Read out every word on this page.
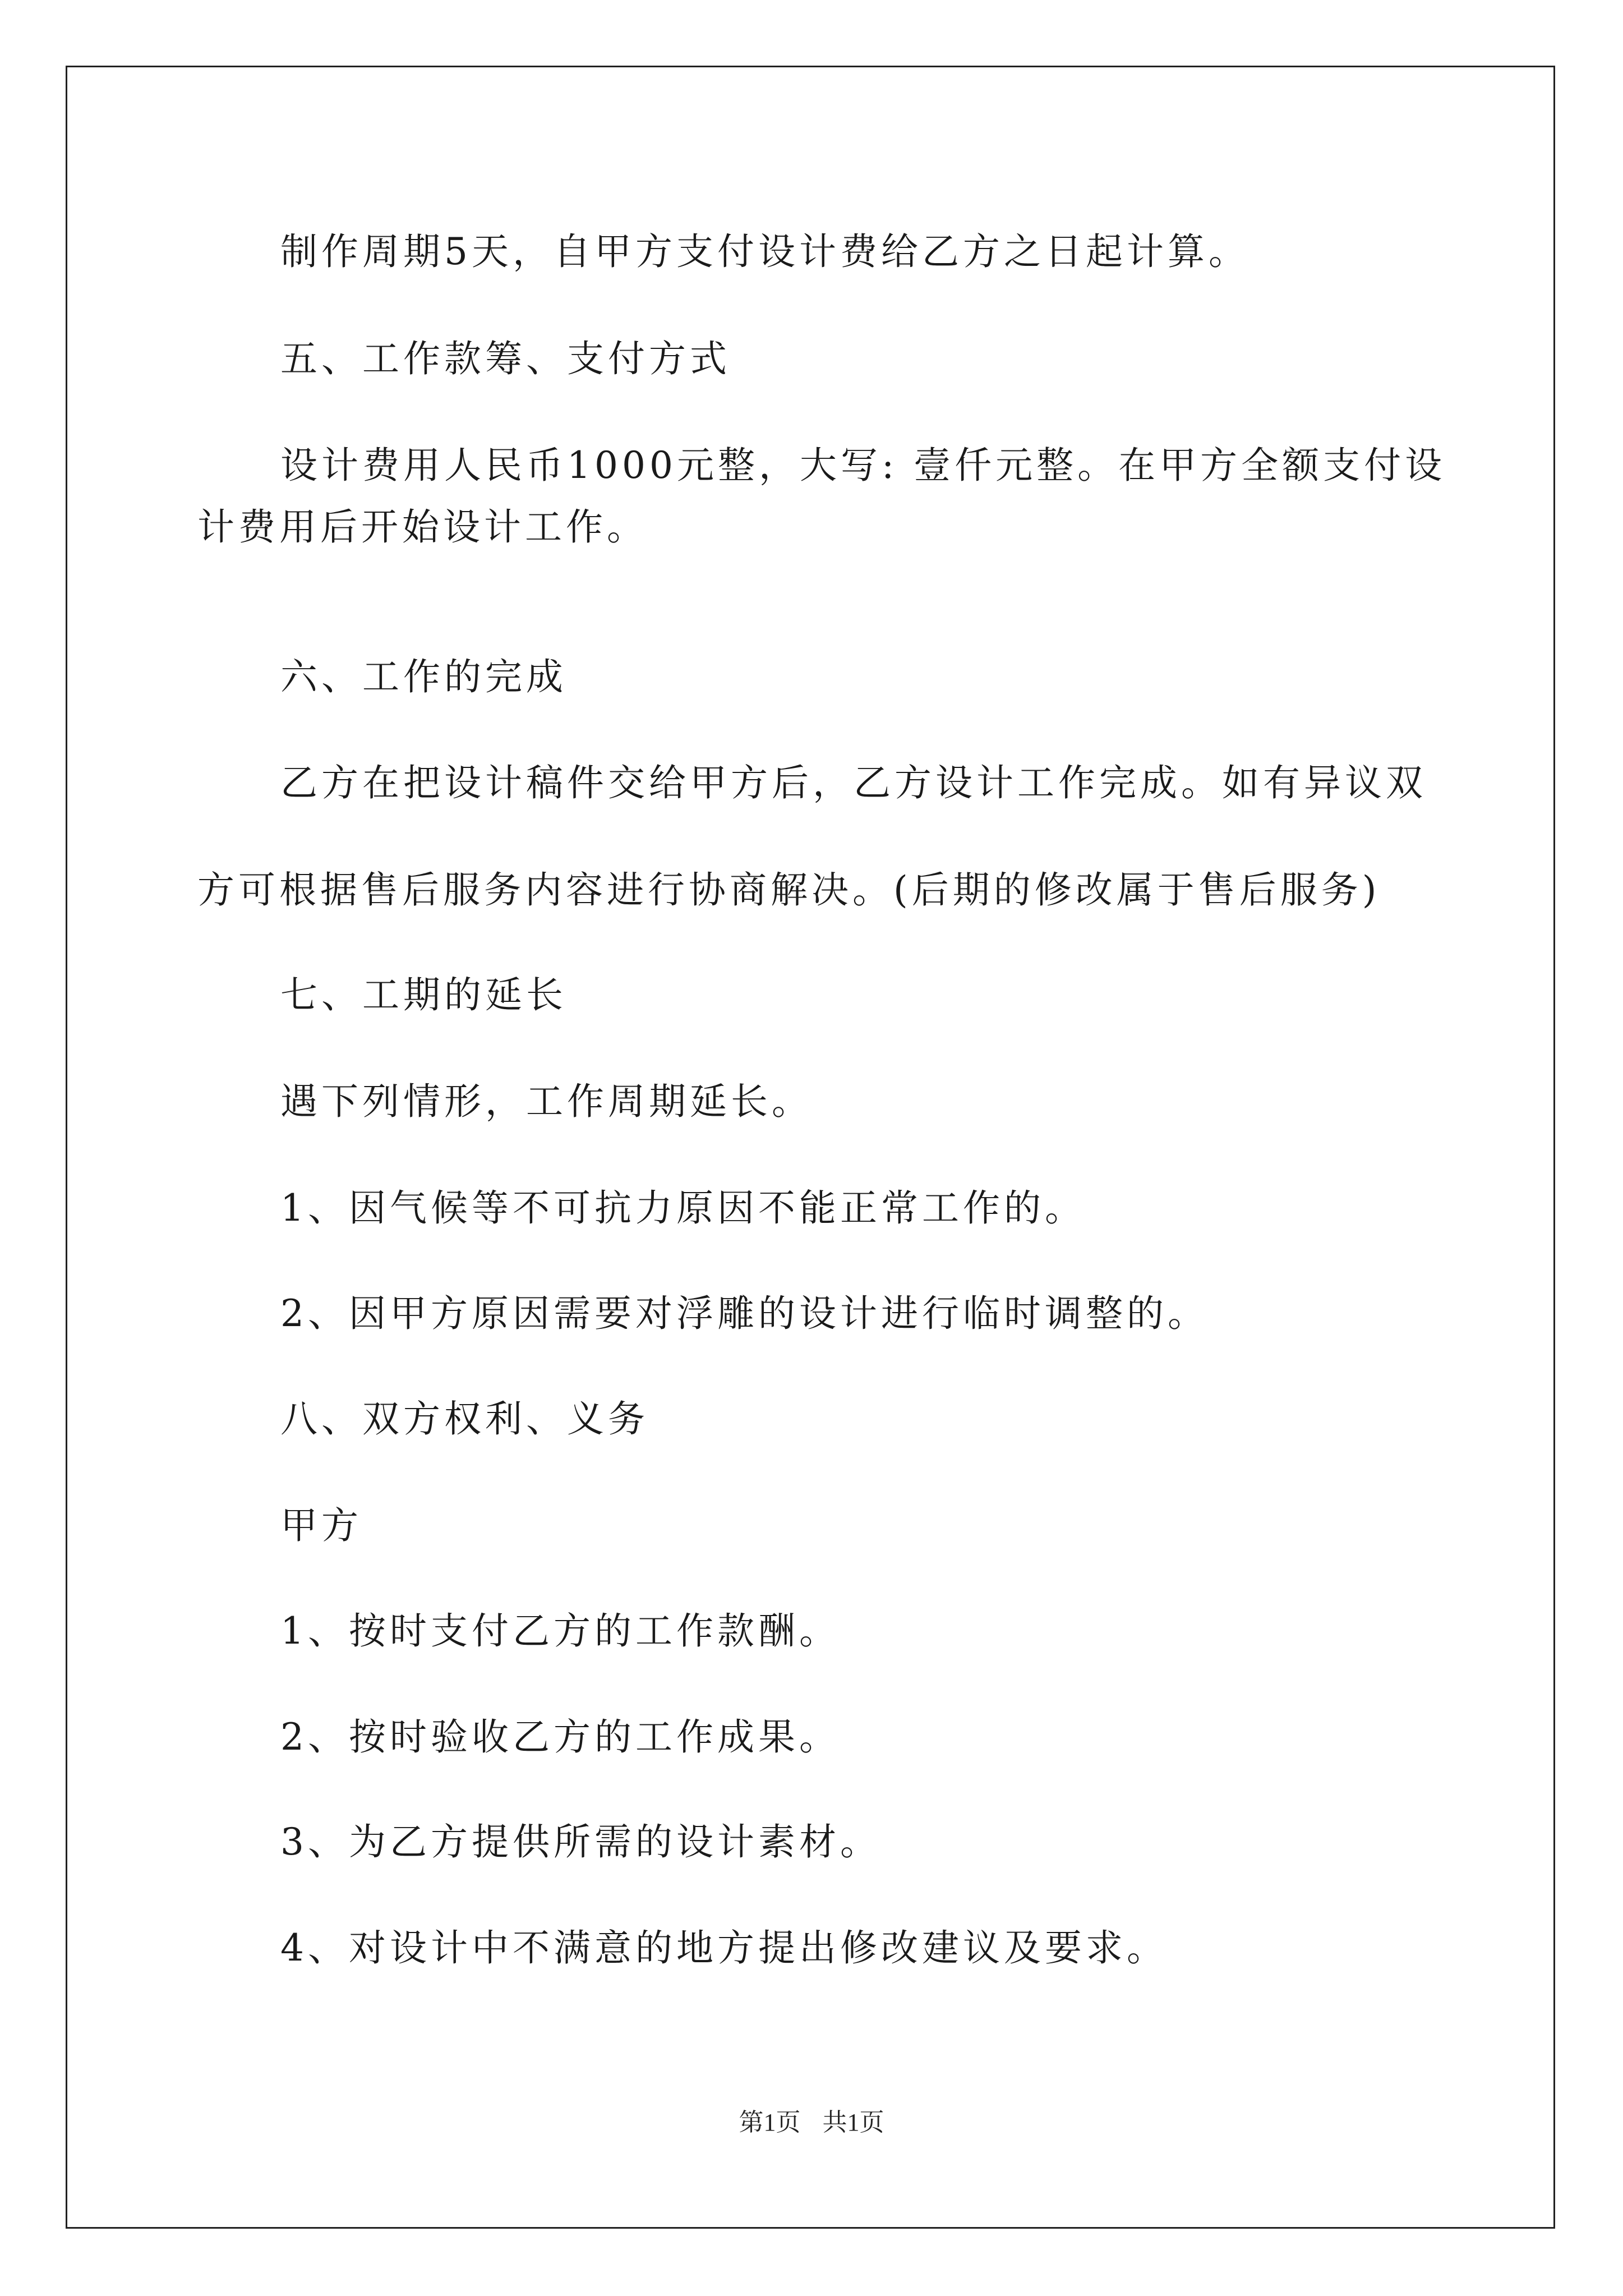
制作周期5天，自甲方支付设计费给乙方之日起计算。
五、工作款筹、支付方式
设计费用人民币1000元整，大写: 壹仟元整。在甲方全额支付设
计费用后开始设计工作。
六、工作的完成
乙方在把设计稿件交给甲方后，乙方设计工作完成。如有异议双
方可根据售后服务内容进行协商解决。(后期的修改属于售后服务)
七、工期的延长
遇下列情形，工作周期延长。
1、因气候等不可抗力原因不能正常工作的。
2、因甲方原因需要对浮雕的设计进行临时调整的。
八、双方权利、义务
甲方
1、按时支付乙方的工作款酬。
2、按时验收乙方的工作成果。
3、为乙方提供所需的设计素材。
4、对设计中不满意的地方提出修改建议及要求。
第1页 共1页
